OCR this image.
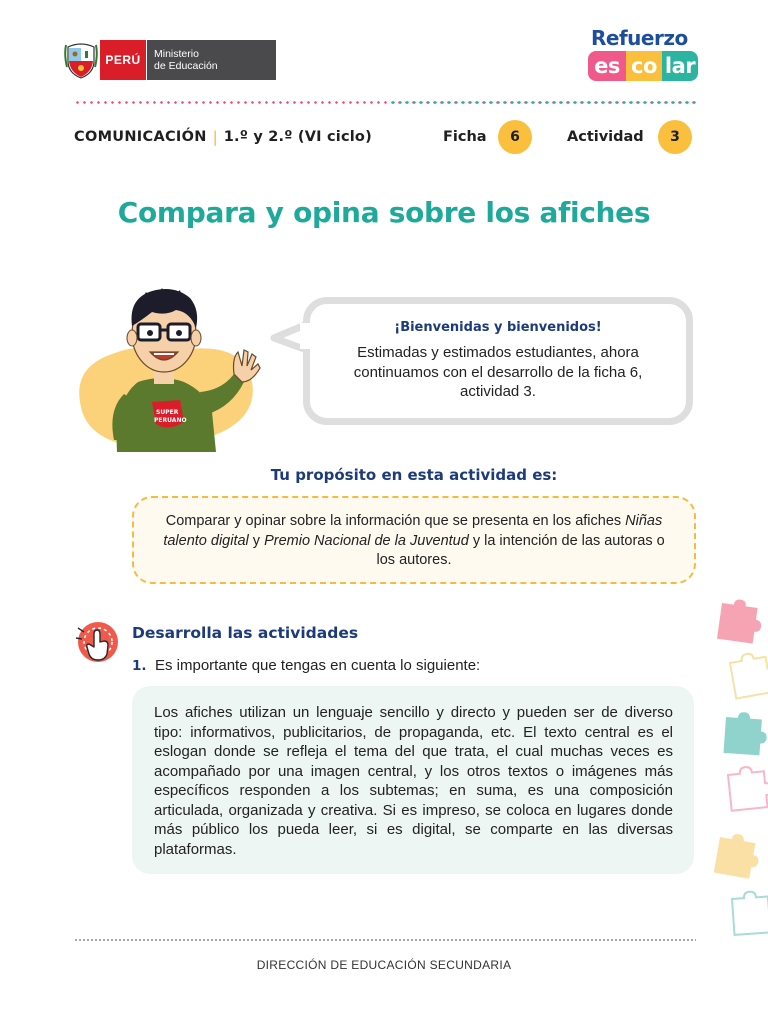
PERÚ	Ministerio
de Educación
Refuerzo
es co lar
COMUNICACIÓN | 1.º y 2.º (VI ciclo)	Ficha	6	Actividad	3
Compara y opina sobre los afiches
SUPER
PERUANO
¡Bienvenidas y bienvenidos!
Estimadas y estimados estudiantes, ahora continuamos con el desarrollo de la ficha 6, actividad 3.
Tu propósito en esta actividad es:
Comparar y opinar sobre la información que se presenta en los afiches Niñas talento digital y Premio Nacional de la Juventud y la intención de las autoras o los autores.
Desarrolla las actividades
1. Es importante que tengas en cuenta lo siguiente:
Los afiches utilizan un lenguaje sencillo y directo y pueden ser de diverso tipo: informativos, publicitarios, de propaganda, etc. El texto central es el eslogan donde se refleja el tema del que trata, el cual muchas veces es acompañado por una imagen central, y los otros textos o imágenes más específicos responden a los subtemas; en suma, es una composición articulada, organizada y creativa. Si es impreso, se coloca en lugares donde más público los pueda leer, si es digital, se comparte en las diversas plataformas.
DIRECCIÓN DE EDUCACIÓN SECUNDARIA
